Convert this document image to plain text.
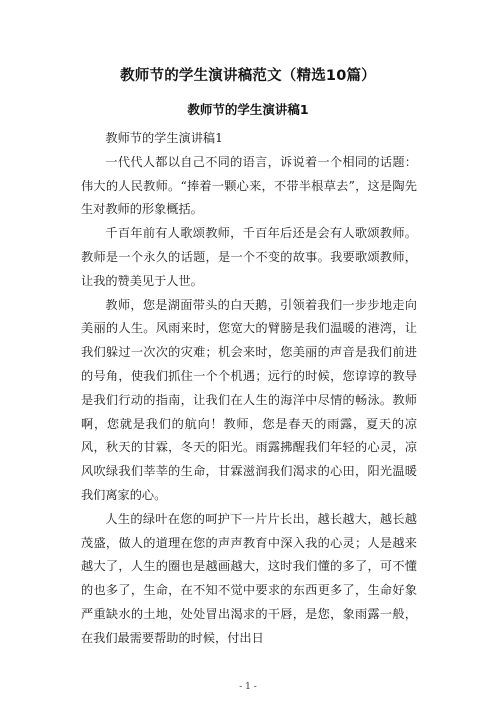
教师节的学生演讲稿范文（精选10篇）
教师节的学生演讲稿1

教师节的学生演讲稿1

一代代人都以自己不同的语言，诉说着一个相同的话题：伟大的人民教师。“捧着一颗心来，不带半根草去”，这是陶先生对教师的形象概括。

千百年前有人歌颂教师，千百年后还是会有人歌颂教师。教师是一个永久的话题，是一个不变的故事。我要歌颂教师，让我的赞美见于人世。

教师，您是湖面带头的白天鹅，引领着我们一步步地走向美丽的人生。风雨来时，您宽大的臂膀是我们温暖的港湾，让我们躲过一次次的灾难；机会来时，您美丽的声音是我们前进的号角，使我们抓住一个个机遇；远行的时候，您谆谆的教导是我们行动的指南，让我们在人生的海洋中尽情的畅泳。教师啊，您就是我们的航向！教师，您是春天的雨露，夏天的凉风，秋天的甘霖，冬天的阳光。雨露拂醒我们年轻的心灵，凉风吹绿我们莘莘的生命，甘霖滋润我们渴求的心田，阳光温暖我们离家的心。

人生的绿叶在您的呵护下一片片长出，越长越大，越长越茂盛，做人的道理在您的声声教育中深入我的心灵；人是越来越大了，人生的圈也是越画越大，这时我们懂的多了，可不懂的也多了，生命，在不知不觉中要求的东西更多了，生命好象严重缺水的土地，处处冒出渴求的干唇，是您，象雨露一般，在我们最需要帮助的时候，付出日

- 1 -
